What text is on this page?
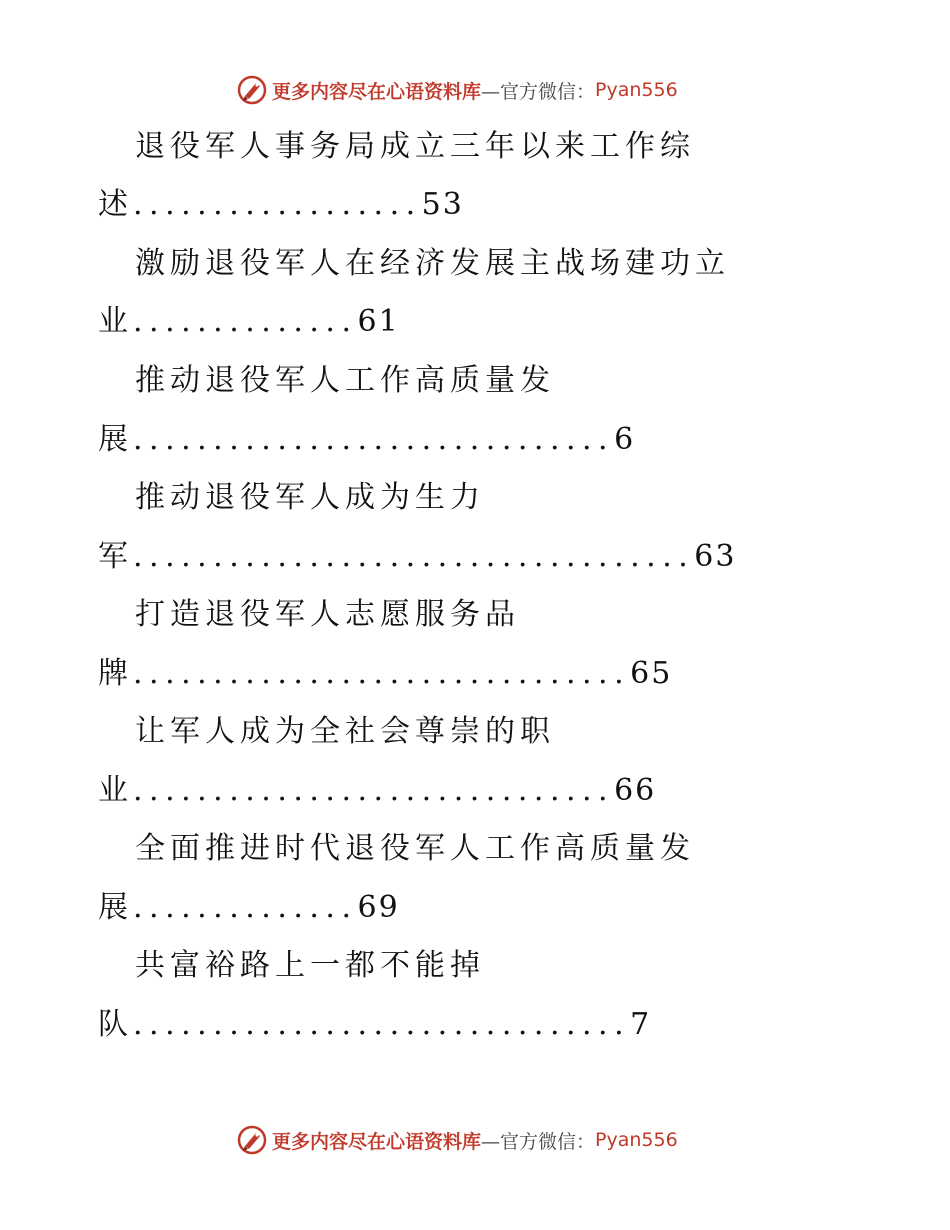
更多内容尽在心语资料库 —官方微信： Pyan556
退役军人事务局成立三年以来工作综
述..................53
激励退役军人在经济发展主战场建功立
业..............61
推动退役军人工作高质量发
展..............................6
推动退役军人成为生力
军...................................63
打造退役军人志愿服务品
牌...............................65
让军人成为全社会尊崇的职
业..............................66
全面推进时代退役军人工作高质量发
展..............69
共富裕路上一都不能掉
队...............................7
更多内容尽在心语资料库 —官方微信： Pyan556
